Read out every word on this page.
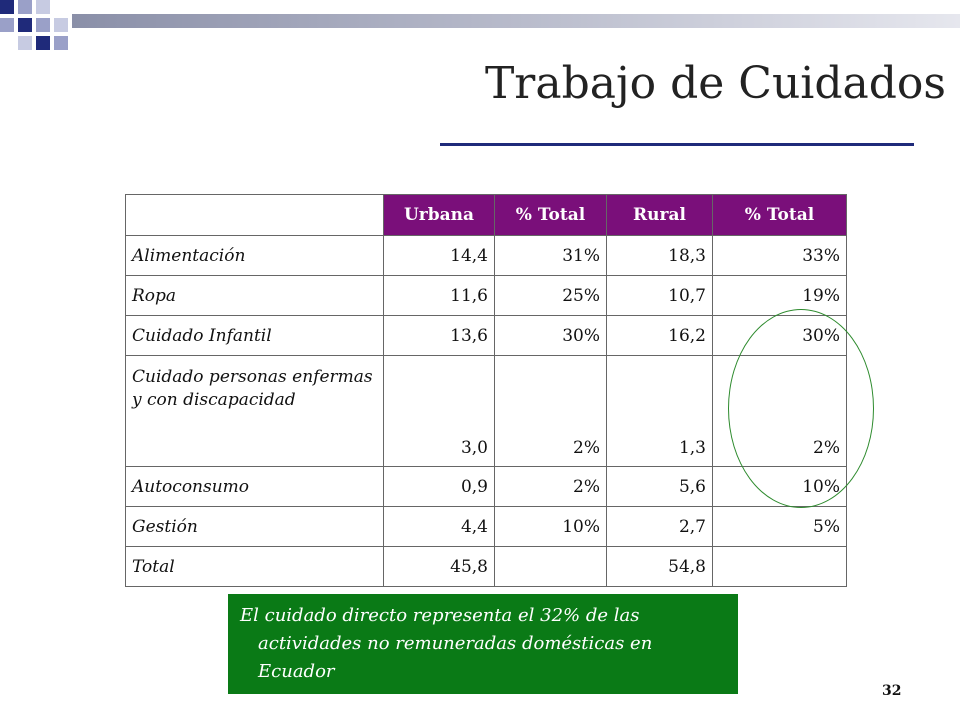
Trabajo de Cuidados
	Urbana	% Total	Rural	% Total
Alimentación	14,4	31%	18,3	33%
Ropa	11,6	25%	10,7	19%
Cuidado Infantil	13,6	30%	16,2	30%
Cuidado personas enfermas y con discapacidad	3,0	2%	1,3	2%
Autoconsumo	0,9	2%	5,6	10%
Gestión	4,4	10%	2,7	5%
Total	45,8		54,8	
El cuidado directo representa el 32% de las actividades no remuneradas domésticas en Ecuador
32
